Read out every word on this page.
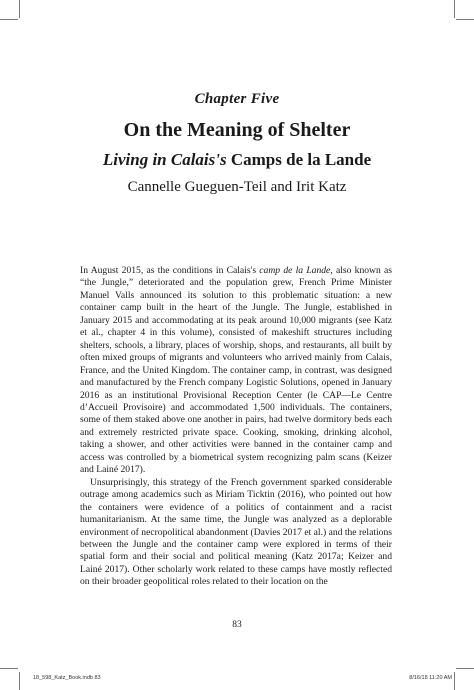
Chapter Five
On the Meaning of Shelter
Living in Calais's Camps de la Lande
Cannelle Gueguen-Teil and Irit Katz

In August 2015, as the conditions in Calais's camp de la Lande, also known as “the Jungle,” deteriorated and the population grew, French Prime Minister Manuel Valls announced its solution to this problematic situation: a new container camp built in the heart of the Jungle. The Jungle, established in January 2015 and accommodating at its peak around 10,000 migrants (see Katz et al., chapter 4 in this volume), consisted of makeshift structures including shelters, schools, a library, places of worship, shops, and restaurants, all built by often mixed groups of migrants and volunteers who arrived mainly from Calais, France, and the United Kingdom. The container camp, in contrast, was designed and manufactured by the French company Logistic Solutions, opened in January 2016 as an institutional Provisional Reception Center (le CAP—Le Centre d’Accueil Provisoire) and accommodated 1,500 individuals. The containers, some of them staked above one another in pairs, had twelve dormitory beds each and extremely restricted private space. Cooking, smoking, drinking alcohol, taking a shower, and other activities were banned in the container camp and access was controlled by a biometrical system recognizing palm scans (Keizer and Lainé 2017).

Unsurprisingly, this strategy of the French government sparked considerable outrage among academics such as Miriam Ticktin (2016), who pointed out how the containers were evidence of a politics of containment and a racist humanitarianism. At the same time, the Jungle was analyzed as a deplorable environment of necropolitical abandonment (Davies 2017 et al.) and the relations between the Jungle and the container camp were explored in terms of their spatial form and their social and political meaning (Katz 2017a; Keizer and Lainé 2017). Other scholarly work related to these camps have mostly reflected on their broader geopolitical roles related to their location on the

83
18_598_Katz_Book.indb 83	8/16/18 11:20 AM
